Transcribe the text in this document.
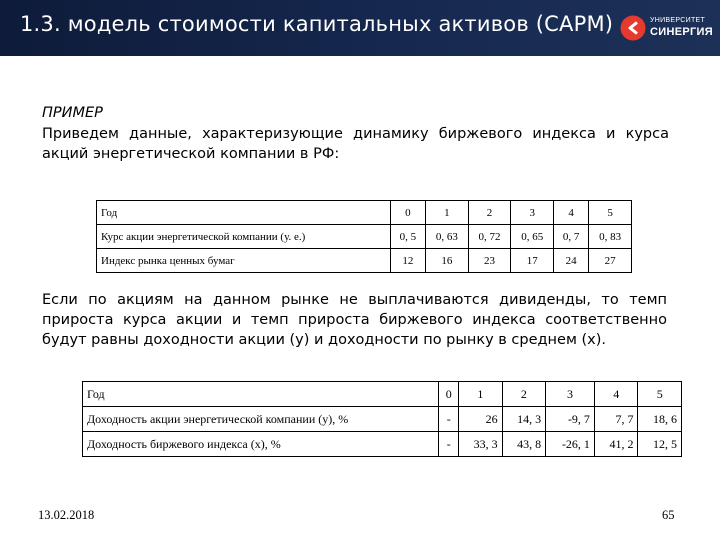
1.3. модель стоимости капитальных активов (CAPM)	УНИВЕРСИТЕТ
СИНЕРГИЯ
ПРИМЕР
Приведем данные, характеризующие динамику биржевого индекса и курса акций энергетической компании в РФ:
Год	0	1	2	3	4	5
Курс акции энергетической компании (у. е.)	0, 5	0, 63	0, 72	0, 65	0, 7	0, 83
Индекс рынка ценных бумаг	12	16	23	17	24	27
Если по акциям на данном рынке не выплачиваются дивиденды, то темп прироста курса акции и темп прироста биржевого индекса соответственно будут равны доходности акции (у) и доходности по рынку в среднем (х).
Год	0	1	2	3	4	5
Доходность акции энергетической компании (у), %	-	26	14, 3	-9, 7	7, 7	18, 6
Доходность биржевого индекса (х), %	-	33, 3	43, 8	-26, 1	41, 2	12, 5
13.02.2018	65
